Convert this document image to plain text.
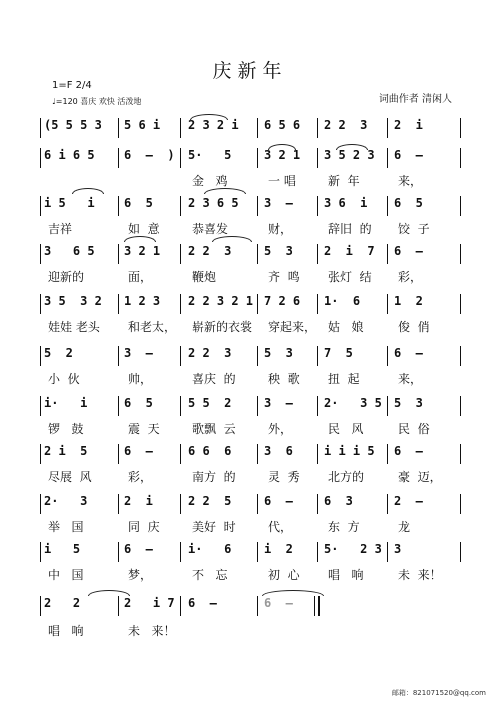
庆新年
1=F 2/4
♩=120 喜庆 欢快 活泼地	词曲作者 清闲人
(5 5 5 3 5 6 i 2 3 2 i 6 5 6 2 2  3 2  i
6 i 6 5 6  –  ) 5·   5	3 2 1 3 5 2 3 6  –
金   鸡	一 唱	新  年	来，
i 5   i 6  5	2 3 6 5 3  –	3 6  i 6  5
吉祥	如  意	恭喜发	财，	辞旧  的 饺  子
3   6 5 3 2 1 2 2  3	5  3	2  i  7 6  –
迎新的	面，	鞭炮	齐  鸣 张灯  结 彩，
3 5  3 2 1 2 3 2 2 3 2 1 7 2 6 1·  6	1  2
娃娃 老头 和老太， 崭新的衣裳 穿起来， 姑   娘	俊  俏
5  2	3  –	2 2  3	5  3	7  5	6  –
小  伙	帅，	喜庆  的	秧  歌 扭  起	来，
i·   i	6  5	5 5  2	3  –	2·   3 5 5  3
锣   鼓	震  天	歌飘  云	外，	民   风	民  俗
2 i  5	6  –	6 6  6	3  6	i i i 5 6  –
尽展  风	彩，	南方  的	灵  秀 北方的	豪  迈，
2·   3	2  i	2 2  5	6  –	6  3	2  –
举   国	同  庆	美好  时	代，	东  方	龙
i   5	6  –	i·   6	i  2	5·   2 3 3
中   国	梦，	不   忘	初  心 唱   响	未  来！
2   2	2   i 7 6  –	6  –
唱   响	未   来！
邮箱：821071520@qq.com
